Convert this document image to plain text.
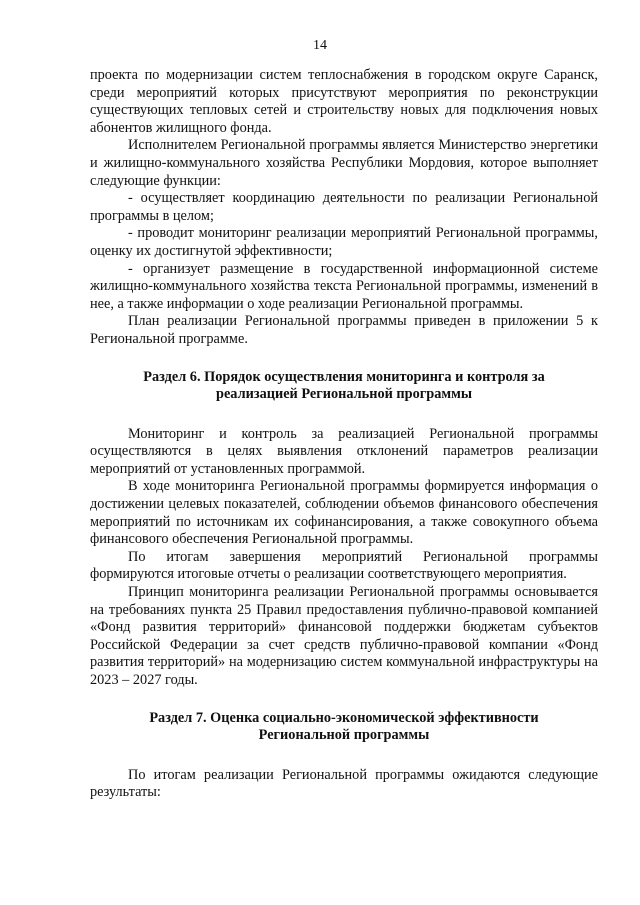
14

проекта по модернизации систем теплоснабжения в городском округе Саранск, среди мероприятий которых присутствуют мероприятия по реконструкции существующих тепловых сетей и строительству новых для подключения новых абонентов жилищного фонда.

Исполнителем Региональной программы является Министерство энергетики и жилищно-коммунального хозяйства Республики Мордовия, которое выполняет следующие функции:

- осуществляет координацию деятельности по реализации Региональной программы в целом;

- проводит мониторинг реализации мероприятий Региональной программы, оценку их достигнутой эффективности;

- организует размещение в государственной информационной системе жилищно-коммунального хозяйства текста Региональной программы, изменений в нее, а также информации о ходе реализации Региональной программы.

План реализации Региональной программы приведен в приложении 5 к Региональной программе.

Раздел 6. Порядок осуществления мониторинга и контроля за
реализацией Региональной программы

Мониторинг и контроль за реализацией Региональной программы осуществляются в целях выявления отклонений параметров реализации мероприятий от установленных программой.

В ходе мониторинга Региональной программы формируется информация о достижении целевых показателей, соблюдении объемов финансового обеспечения мероприятий по источникам их софинансирования, а также совокупного объема финансового обеспечения Региональной программы.

По итогам завершения мероприятий Региональной программы формируются итоговые отчеты о реализации соответствующего мероприятия.

Принцип мониторинга реализации Региональной программы основывается на требованиях пункта 25 Правил предоставления публично-правовой компанией «Фонд развития территорий» финансовой поддержки бюджетам субъектов Российской Федерации за счет средств публично-правовой компании «Фонд развития территорий» на модернизацию систем коммунальной инфраструктуры на 2023 – 2027 годы.

Раздел 7. Оценка социально-экономической эффективности
Региональной программы

По итогам реализации Региональной программы ожидаются следующие результаты:
